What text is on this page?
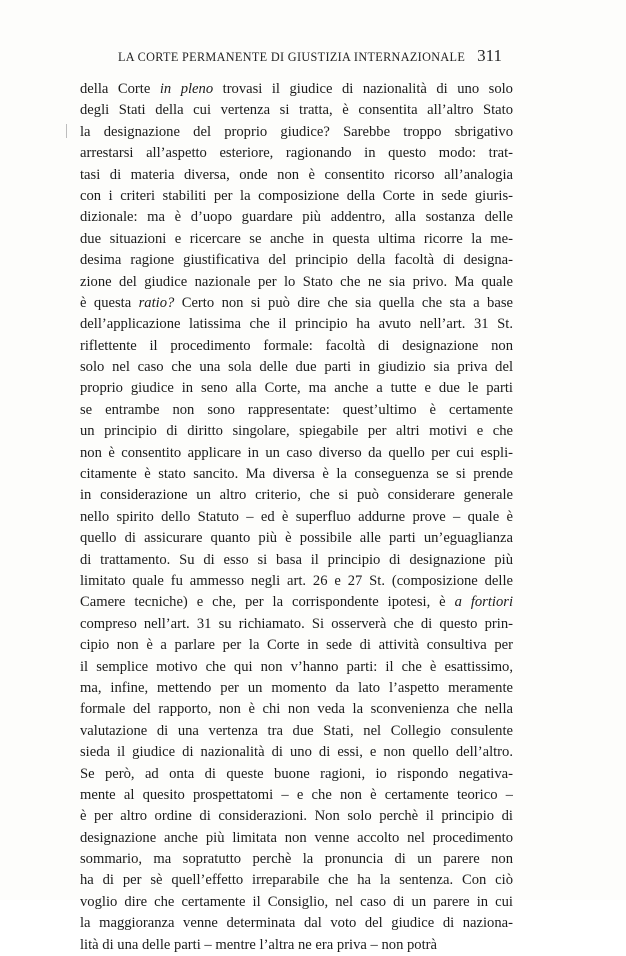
LA CORTE PERMANENTE DI GIUSTIZIA INTERNAZIONALE 311
della Corte in pleno trovasi il giudice di nazionalità di uno solo
degli Stati della cui vertenza si tratta, è consentita all’altro Stato
la designazione del proprio giudice? Sarebbe troppo sbrigativo
arrestarsi all’aspetto esteriore, ragionando in questo modo: trat-
tasi di materia diversa, onde non è consentito ricorso all’analogia
con i criteri stabiliti per la composizione della Corte in sede giuris-
dizionale: ma è d’uopo guardare più addentro, alla sostanza delle
due situazioni e ricercare se anche in questa ultima ricorre la me-
desima ragione giustificativa del principio della facoltà di designa-
zione del giudice nazionale per lo Stato che ne sia privo. Ma quale
è questa ratio? Certo non si può dire che sia quella che sta a base
dell’applicazione latissima che il principio ha avuto nell’art. 31 St.
riflettente il procedimento formale: facoltà di designazione non
solo nel caso che una sola delle due parti in giudizio sia priva del
proprio giudice in seno alla Corte, ma anche a tutte e due le parti
se entrambe non sono rappresentate: quest’ultimo è certamente
un principio di diritto singolare, spiegabile per altri motivi e che
non è consentito applicare in un caso diverso da quello per cui espli-
citamente è stato sancito. Ma diversa è la conseguenza se si prende
in considerazione un altro criterio, che si può considerare generale
nello spirito dello Statuto – ed è superfluo addurne prove – quale è
quello di assicurare quanto più è possibile alle parti un’eguaglianza
di trattamento. Su di esso si basa il principio di designazione più
limitato quale fu ammesso negli art. 26 e 27 St. (composizione delle
Camere tecniche) e che, per la corrispondente ipotesi, è a fortiori
compreso nell’art. 31 su richiamato. Si osserverà che di questo prin-
cipio non è a parlare per la Corte in sede di attività consultiva per
il semplice motivo che qui non v’hanno parti: il che è esattissimo,
ma, infine, mettendo per un momento da lato l’aspetto meramente
formale del rapporto, non è chi non veda la sconvenienza che nella
valutazione di una vertenza tra due Stati, nel Collegio consulente
sieda il giudice di nazionalità di uno di essi, e non quello dell’altro.
Se però, ad onta di queste buone ragioni, io rispondo negativa-
mente al quesito prospettatomi – e che non è certamente teorico –
è per altro ordine di considerazioni. Non solo perchè il principio di
designazione anche più limitata non venne accolto nel procedimento
sommario, ma sopratutto perchè la pronuncia di un parere non
ha di per sè quell’effetto irreparabile che ha la sentenza. Con ciò
voglio dire che certamente il Consiglio, nel caso di un parere in cui
la maggioranza venne determinata dal voto del giudice di naziona-
lità di una delle parti – mentre l’altra ne era priva – non potrà
